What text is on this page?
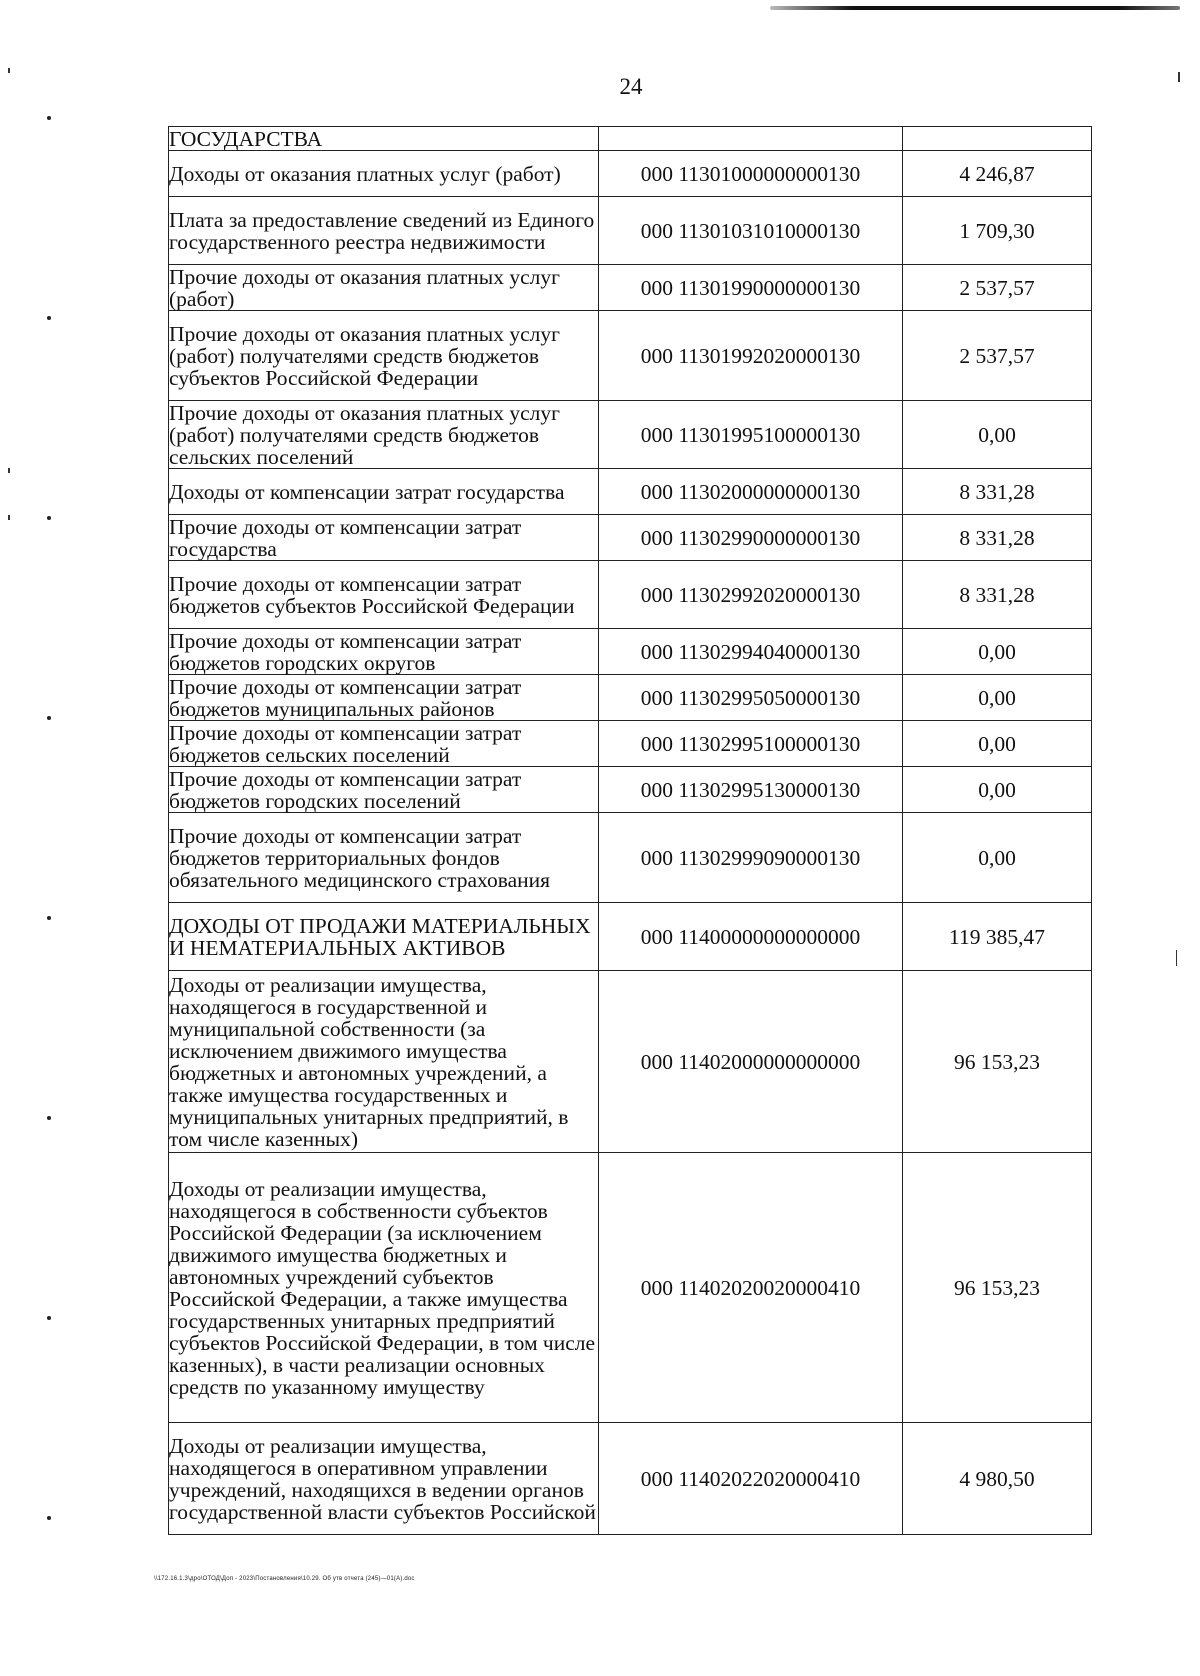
24
ГОСУДАРСТВА		
Доходы от оказания платных услуг (работ)	000 11301000000000130	4 246,87
Плата за предоставление сведений из Единого государственного реестра недвижимости	000 11301031010000130	1 709,30
Прочие доходы от оказания платных услуг (работ)	000 11301990000000130	2 537,57
Прочие доходы от оказания платных услуг (работ) получателями средств бюджетов субъектов Российской Федерации	000 11301992020000130	2 537,57
Прочие доходы от оказания платных услуг (работ) получателями средств бюджетов сельских поселений	000 11301995100000130	0,00
Доходы от компенсации затрат государства	000 11302000000000130	8 331,28
Прочие доходы от компенсации затрат государства	000 11302990000000130	8 331,28
Прочие доходы от компенсации затрат бюджетов субъектов Российской Федерации	000 11302992020000130	8 331,28
Прочие доходы от компенсации затрат бюджетов городских округов	000 11302994040000130	0,00
Прочие доходы от компенсации затрат бюджетов муниципальных районов	000 11302995050000130	0,00
Прочие доходы от компенсации затрат бюджетов сельских поселений	000 11302995100000130	0,00
Прочие доходы от компенсации затрат бюджетов городских поселений	000 11302995130000130	0,00
Прочие доходы от компенсации затрат бюджетов территориальных фондов обязательного медицинского страхования	000 11302999090000130	0,00
ДОХОДЫ ОТ ПРОДАЖИ МАТЕРИАЛЬНЫХ И НЕМАТЕРИАЛЬНЫХ АКТИВОВ	000 11400000000000000	119 385,47
Доходы от реализации имущества, находящегося в государственной и муниципальной собственности (за исключением движимого имущества бюджетных и автономных учреждений, а также имущества государственных и муниципальных унитарных предприятий, в том числе казенных)	000 11402000000000000	96 153,23
Доходы от реализации имущества, находящегося в собственности субъектов Российской Федерации (за исключением движимого имущества бюджетных и автономных учреждений субъектов Российской Федерации, а также имущества государственных унитарных предприятий субъектов Российской Федерации, в том числе казенных), в части реализации основных средств по указанному имуществу	000 11402020020000410	96 153,23
Доходы от реализации имущества, находящегося в оперативном управлении учреждений, находящихся в ведении органов государственной власти субъектов Российской	000 11402022020000410	4 980,50
\\172.16.1.3\дро\ОТОД\Доп - 2023\Постановления\10.29. Об утв отчета (245)—01(А).doc
